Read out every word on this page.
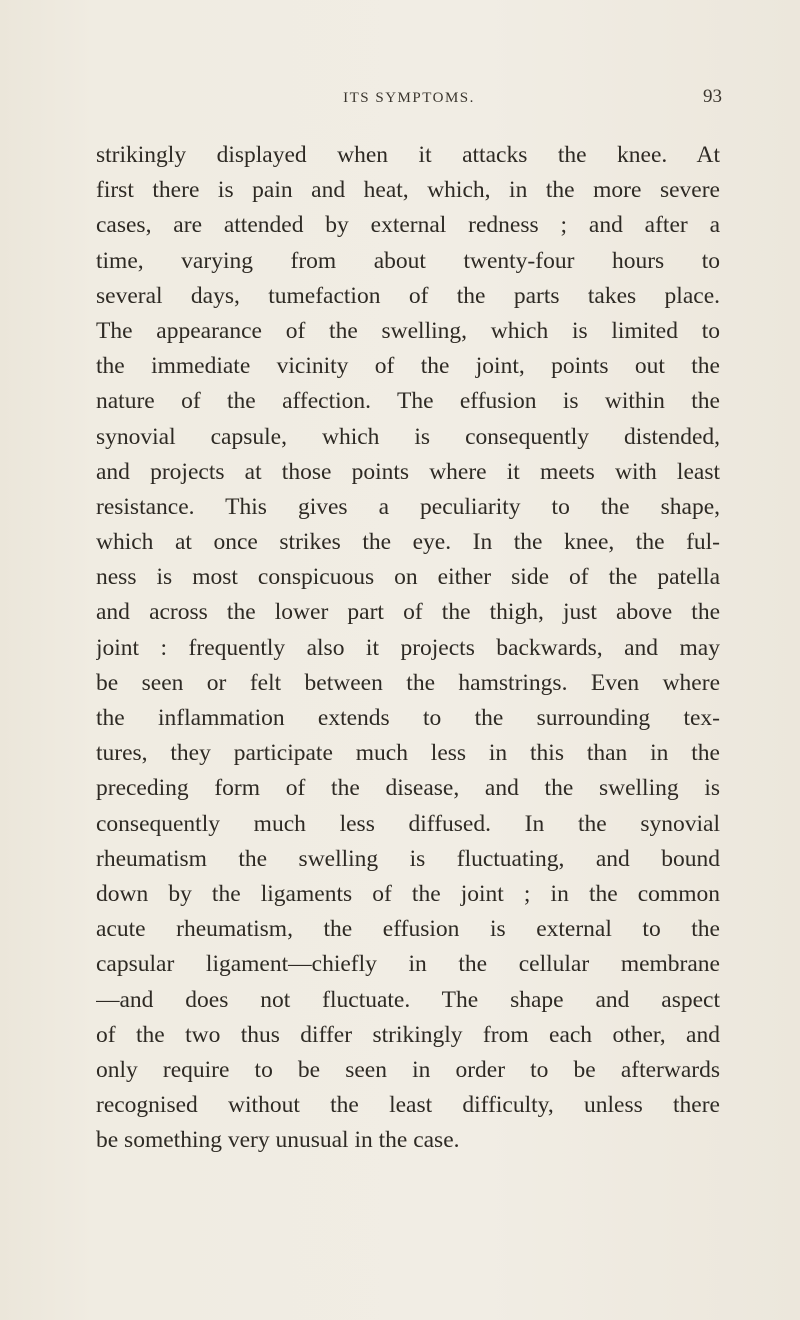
ITS SYMPTOMS.	93
strikingly displayed when it attacks the knee. At
first there is pain and heat, which, in the more severe
cases, are attended by external redness ; and after a
time, varying from about twenty-four hours to
several days, tumefaction of the parts takes place.
The appearance of the swelling, which is limited to
the immediate vicinity of the joint, points out the
nature of the affection. The effusion is within the
synovial capsule, which is consequently distended,
and projects at those points where it meets with least
resistance. This gives a peculiarity to the shape,
which at once strikes the eye. In the knee, the ful-
ness is most conspicuous on either side of the patella
and across the lower part of the thigh, just above the
joint : frequently also it projects backwards, and may
be seen or felt between the hamstrings. Even where
the inflammation extends to the surrounding tex-
tures, they participate much less in this than in the
preceding form of the disease, and the swelling is
consequently much less diffused. In the synovial
rheumatism the swelling is fluctuating, and bound
down by the ligaments of the joint ; in the common
acute rheumatism, the effusion is external to the
capsular ligament—chiefly in the cellular membrane
—and does not fluctuate. The shape and aspect
of the two thus differ strikingly from each other, and
only require to be seen in order to be afterwards
recognised without the least difficulty, unless there
be something very unusual in the case.
